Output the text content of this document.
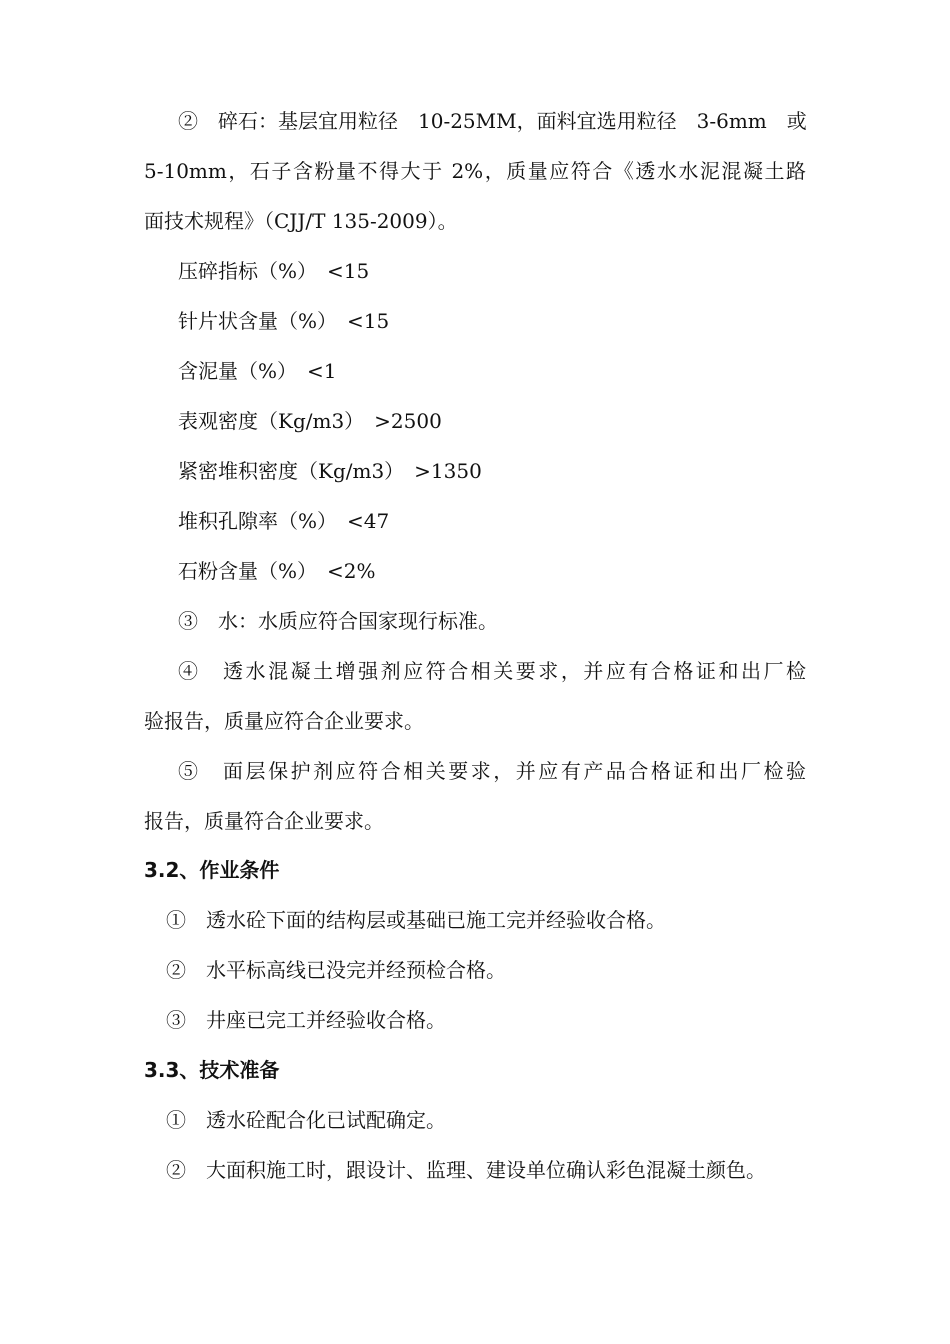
②　碎石：基层宜用粒径　10-25MM，面料宜选用粒径　3-6mm　或
5-10mm，石子含粉量不得大于 2%，质量应符合《透水水泥混凝土路
面技术规程》（CJJ/T 135-2009）。
压碎指标（%）　<15
针片状含量（%）　<15
含泥量（%）　<1
表观密度（Kg/m3）　>2500
紧密堆积密度（Kg/m3）　>1350
堆积孔隙率（%）　<47
石粉含量（%）　<2%
③　水：水质应符合国家现行标准。
④　透水混凝土增强剂应符合相关要求，并应有合格证和出厂检
验报告，质量应符合企业要求。
⑤　面层保护剂应符合相关要求，并应有产品合格证和出厂检验
报告，质量符合企业要求。
3.2、作业条件
①　透水砼下面的结构层或基础已施工完并经验收合格。
②　水平标高线已没完并经预检合格。
③　井座已完工并经验收合格。
3.3、技术准备
①　透水砼配合化已试配确定。
②　大面积施工时，跟设计、监理、建设单位确认彩色混凝土颜色。
